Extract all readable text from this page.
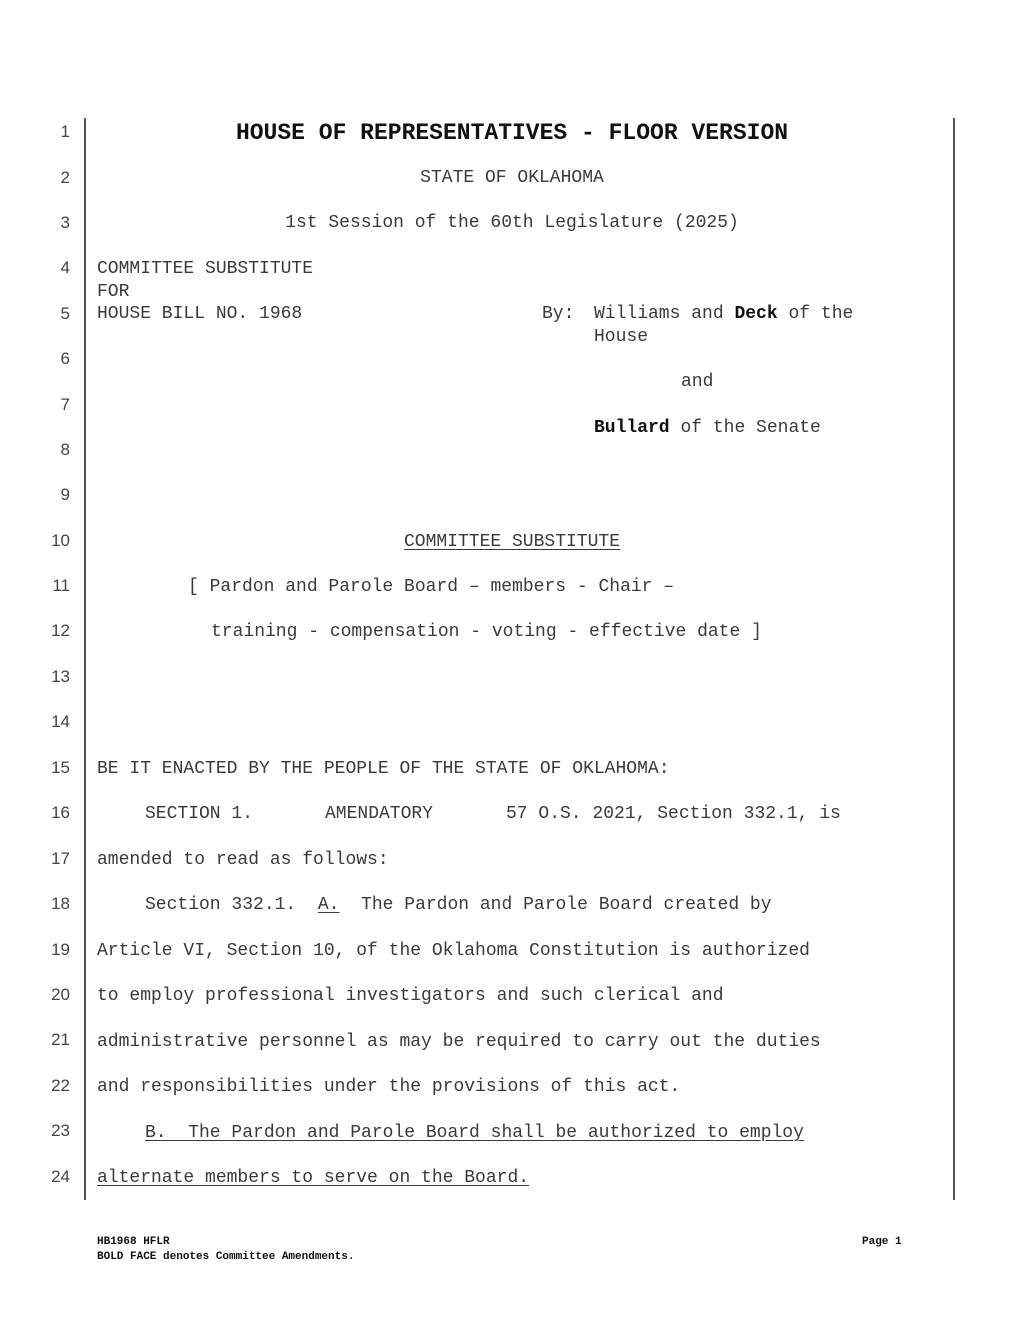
1
2
3
4
5
6
7
8
9
10
11
12
13
14
15
16
17
18
19
20
21
22
23
24
HOUSE OF REPRESENTATIVES - FLOOR VERSION
STATE OF OKLAHOMA
1st Session of the 60th Legislature (2025)
COMMITTEE SUBSTITUTE
FOR
HOUSE BILL NO. 1968	By: Williams and Deck of the
House
and
Bullard of the Senate
COMMITTEE SUBSTITUTE
[ Pardon and Parole Board – members - Chair –
training - compensation - voting - effective date ]
BE IT ENACTED BY THE PEOPLE OF THE STATE OF OKLAHOMA:
SECTION 1.	AMENDATORY	57 O.S. 2021, Section 332.1, is
amended to read as follows:
Section 332.1. A. The Pardon and Parole Board created by
Article VI, Section 10, of the Oklahoma Constitution is authorized
to employ professional investigators and such clerical and
administrative personnel as may be required to carry out the duties
and responsibilities under the provisions of this act.
B.  The Pardon and Parole Board shall be authorized to employ
alternate members to serve on the Board.
HB1968 HFLR
BOLD FACE denotes Committee Amendments.
Page 1
